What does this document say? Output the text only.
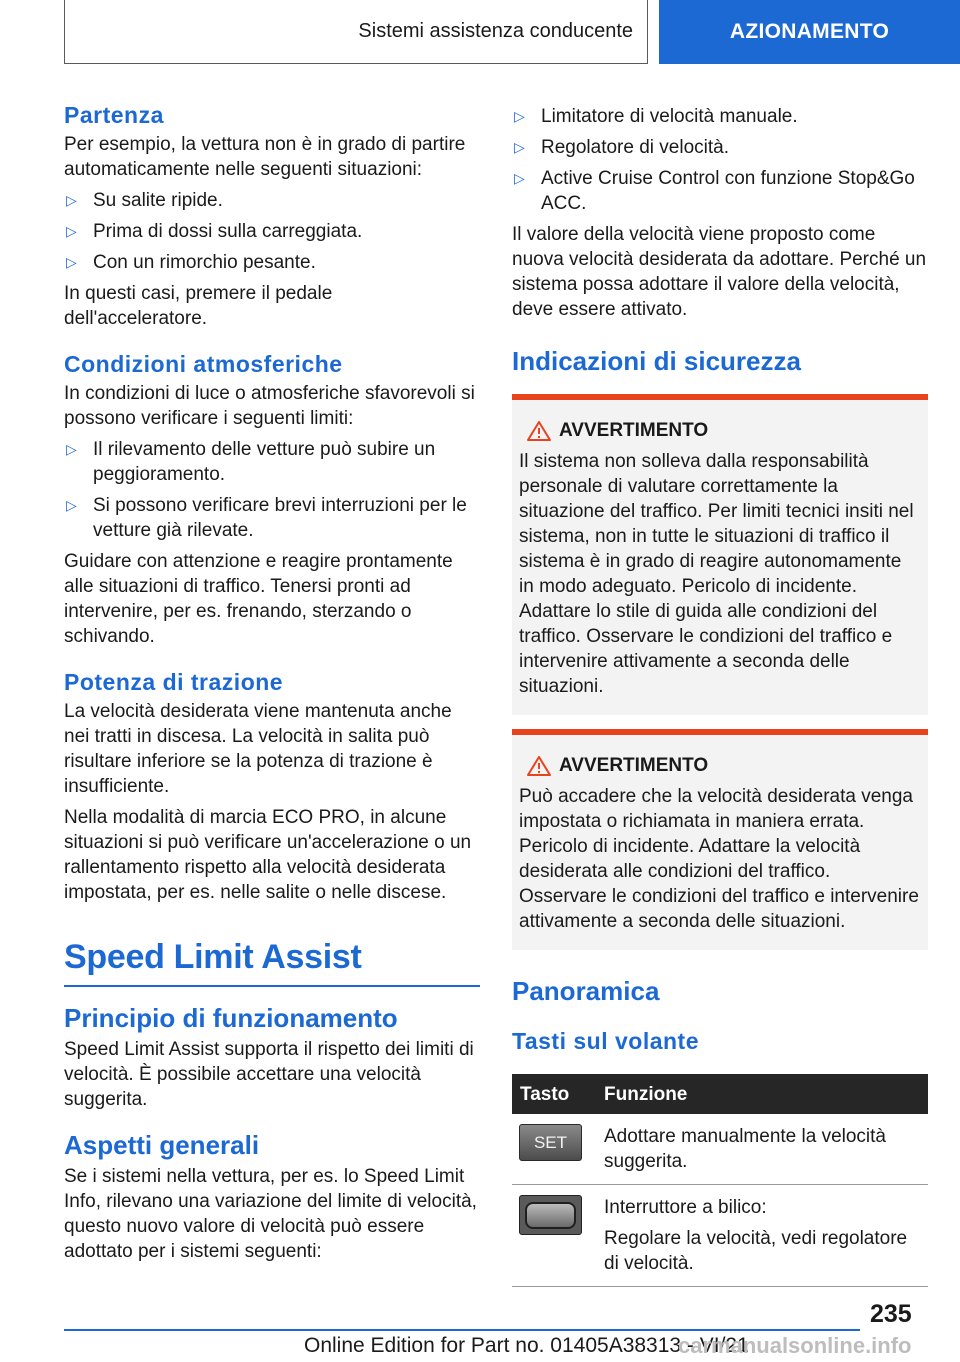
Sistemi assistenza conducente	AZIONAMENTO
Partenza

Per esempio, la vettura non è in grado di partire automaticamente nelle seguenti situazioni:

▷ Su salite ripide.
▷ Prima di dossi sulla carreggiata.
▷ Con un rimorchio pesante.

In questi casi, premere il pedale dell'acceleratore.

Condizioni atmosferiche

In condizioni di luce o atmosferiche sfavorevoli si possono verificare i seguenti limiti:

▷ Il rilevamento delle vetture può subire un peggioramento.
▷ Si possono verificare brevi interruzioni per le vetture già rilevate.

Guidare con attenzione e reagire prontamente alle situazioni di traffico. Tenersi pronti ad intervenire, per es. frenando, sterzando o schivando.

Potenza di trazione

La velocità desiderata viene mantenuta anche nei tratti in discesa. La velocità in salita può risultare inferiore se la potenza di trazione è insufficiente.

Nella modalità di marcia ECO PRO, in alcune situazioni si può verificare un'accelerazione o un rallentamento rispetto alla velocità desiderata impostata, per es. nelle salite o nelle discese.

Speed Limit Assist
Principio di funzionamento

Speed Limit Assist supporta il rispetto dei limiti di velocità. È possibile accettare una velocità suggerita.

Aspetti generali

Se i sistemi nella vettura, per es. lo Speed Limit Info, rilevano una variazione del limite di velocità, questo nuovo valore di velocità può essere adottato per i sistemi seguenti:

▷ Limitatore di velocità manuale.
▷ Regolatore di velocità.
▷ Active Cruise Control con funzione Stop&Go ACC.

Il valore della velocità viene proposto come nuova velocità desiderata da adottare. Perché un sistema possa adottare il valore della velocità, deve essere attivato.

Indicazioni di sicurezza
AVVERTIMENTO

Il sistema non solleva dalla responsabilità personale di valutare correttamente la situazione del traffico. Per limiti tecnici insiti nel sistema, non in tutte le situazioni di traffico il sistema è in grado di reagire autonomamente in modo adeguato. Pericolo di incidente. Adattare lo stile di guida alle condizioni del traffico. Osservare le condizioni del traffico e intervenire attivamente a seconda delle situazioni.

AVVERTIMENTO

Può accadere che la velocità desiderata venga impostata o richiamata in maniera errata. Pericolo di incidente. Adattare la velocità desiderata alle condizioni del traffico. Osservare le condizioni del traffico e intervenire attivamente a seconda delle situazioni.

Panoramica
Tasti sul volante
Tasto	Funzione

SET	Adottare manualmente la velocità suggerita.

	Interruttore a bilico:
Regolare la velocità, vedi regolatore di velocità.
235
Online Edition for Part no. 01405A38313 - VI/21
carmanualsonline.info
